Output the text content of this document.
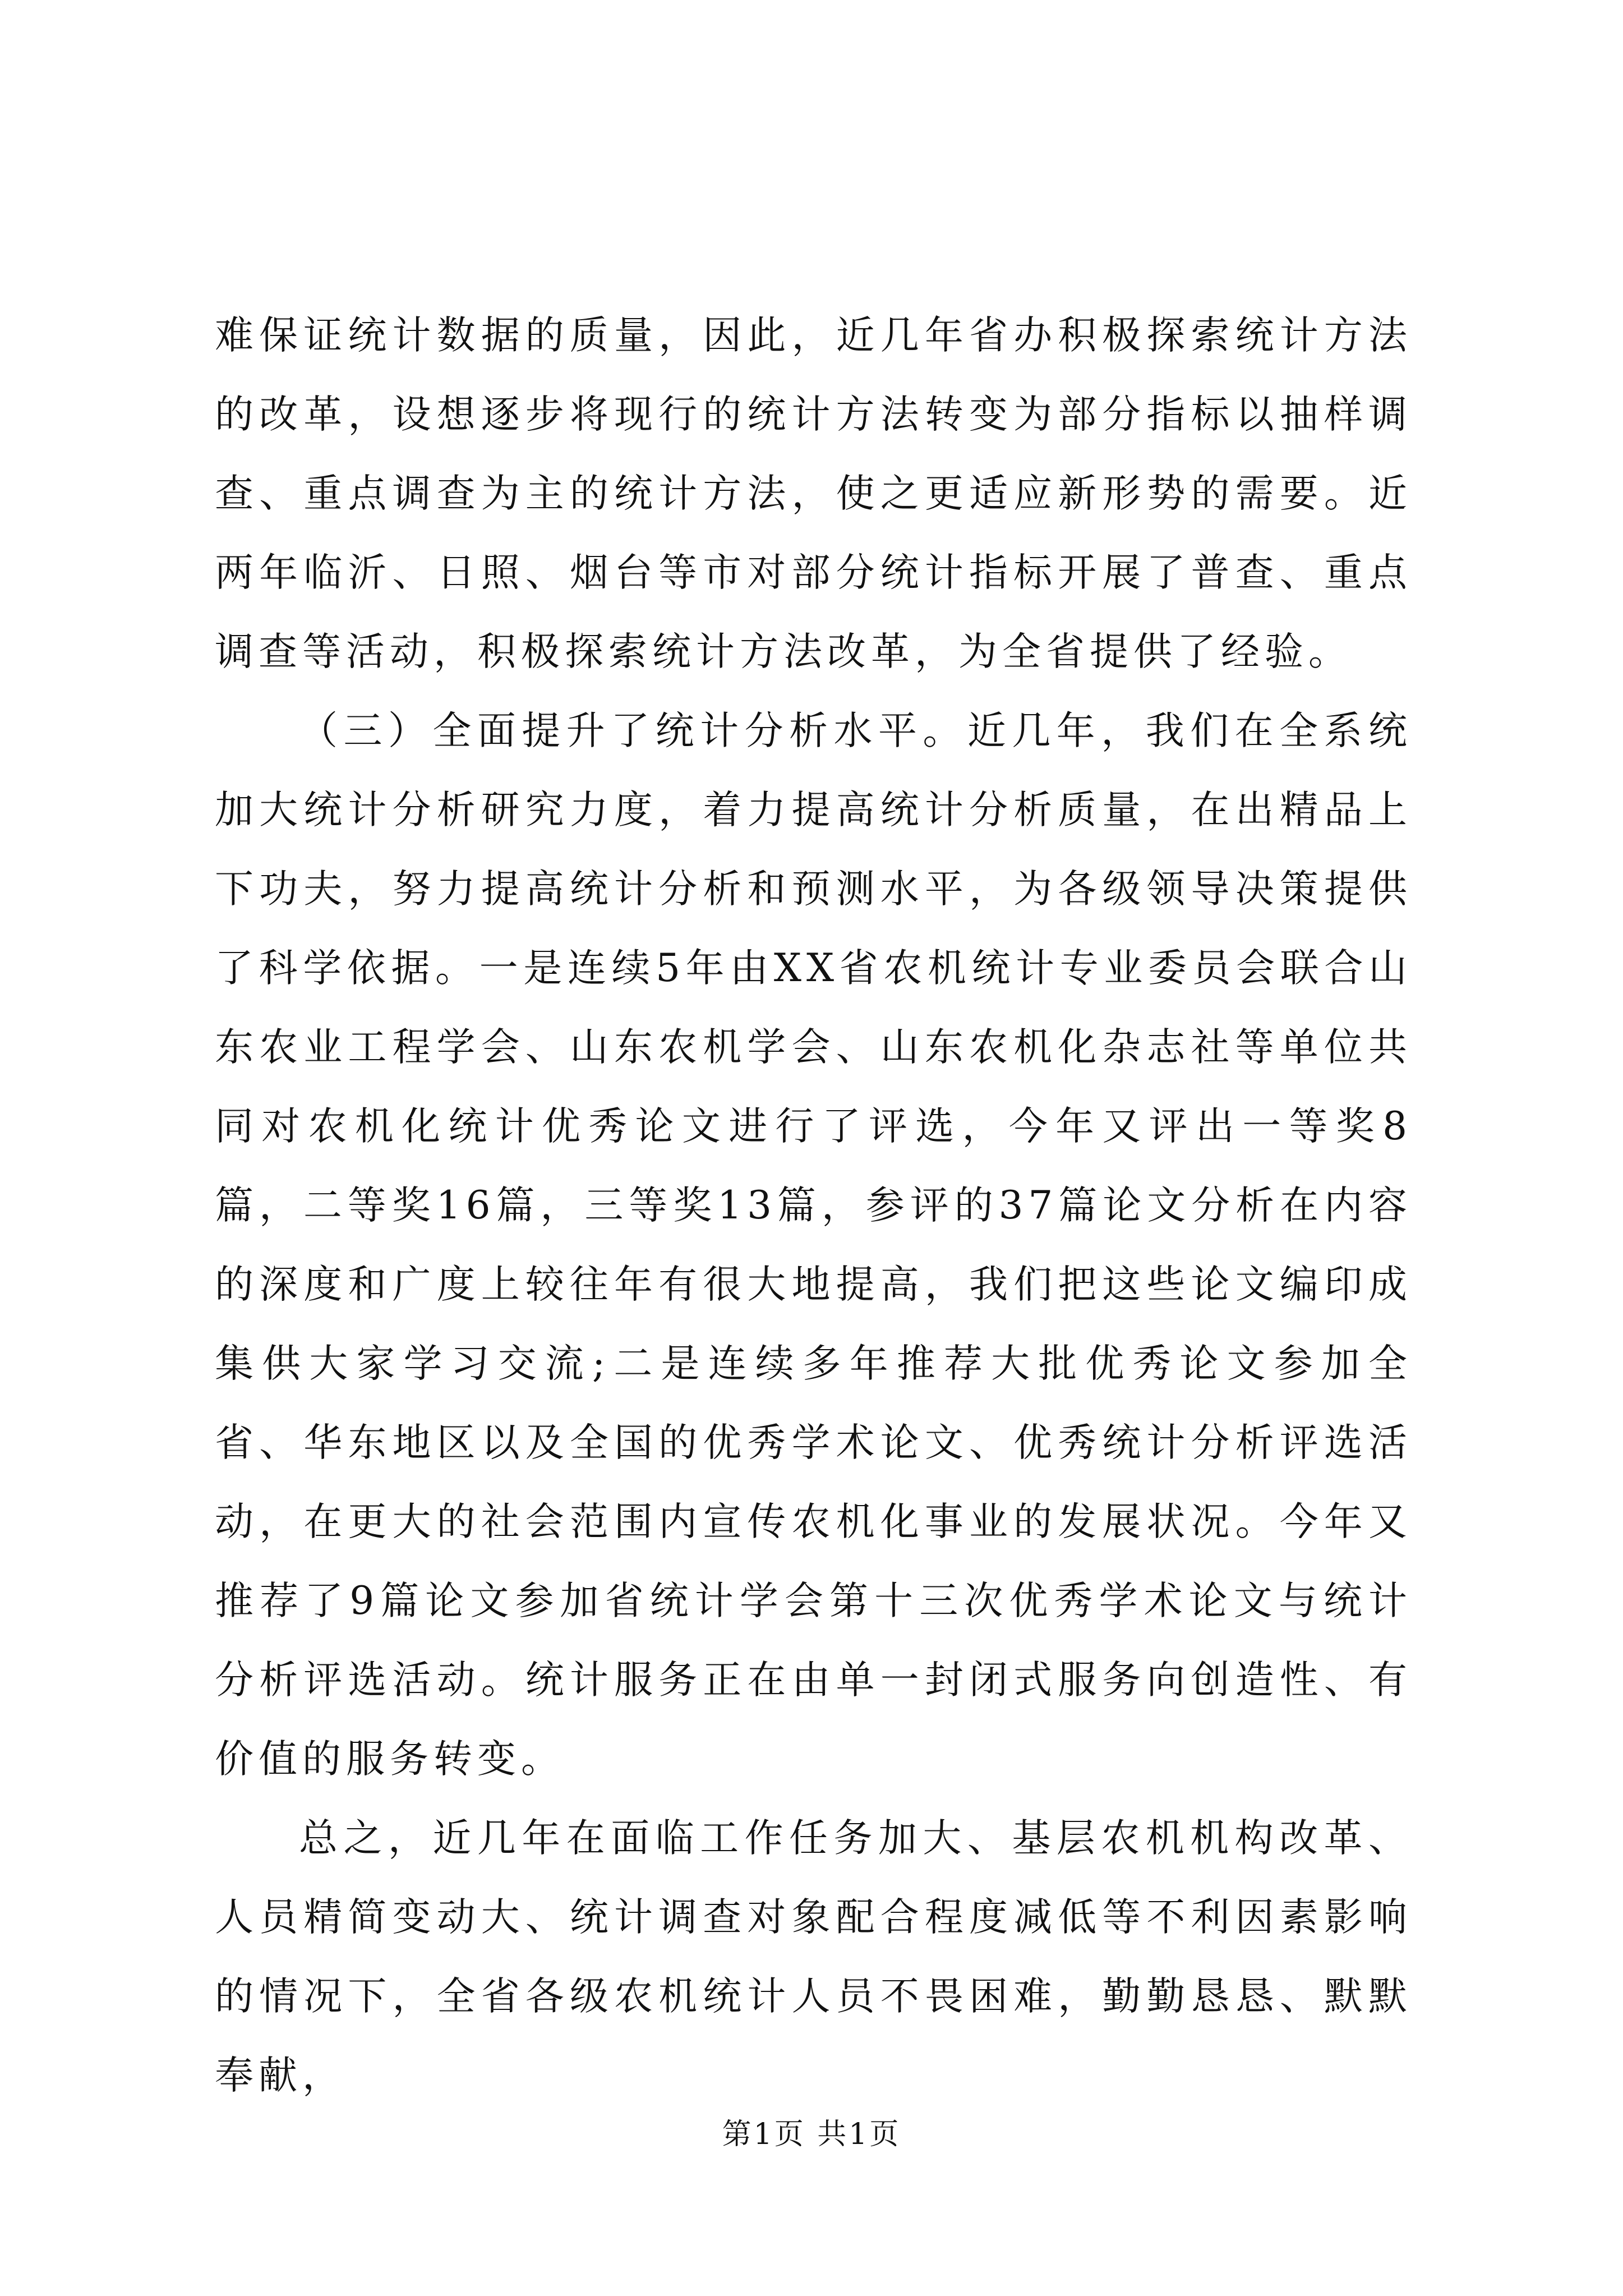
难保证统计数据的质量，因此，近几年省办积极探索统计方法的改革，设想逐步将现行的统计方法转变为部分指标以抽样调查、重点调查为主的统计方法，使之更适应新形势的需要。近两年临沂、日照、烟台等市对部分统计指标开展了普查、重点调查等活动，积极探索统计方法改革，为全省提供了经验。

（三）全面提升了统计分析水平。近几年，我们在全系统加大统计分析研究力度，着力提高统计分析质量，在出精品上下功夫，努力提高统计分析和预测水平，为各级领导决策提供了科学依据。一是连续5年由XX省农机统计专业委员会联合山东农业工程学会、山东农机学会、山东农机化杂志社等单位共同对农机化统计优秀论文进行了评选，今年又评出一等奖8篇，二等奖16篇，三等奖13篇，参评的37篇论文分析在内容的深度和广度上较往年有很大地提高，我们把这些论文编印成集供大家学习交流;二是连续多年推荐大批优秀论文参加全省、华东地区以及全国的优秀学术论文、优秀统计分析评选活动，在更大的社会范围内宣传农机化事业的发展状况。今年又推荐了9篇论文参加省统计学会第十三次优秀学术论文与统计分析评选活动。统计服务正在由单一封闭式服务向创造性、有价值的服务转变。

总之，近几年在面临工作任务加大、基层农机机构改革、人员精简变动大、统计调查对象配合程度减低等不利因素影响的情况下，全省各级农机统计人员不畏困难，勤勤恳恳、默默奉献，

第1页 共1页
